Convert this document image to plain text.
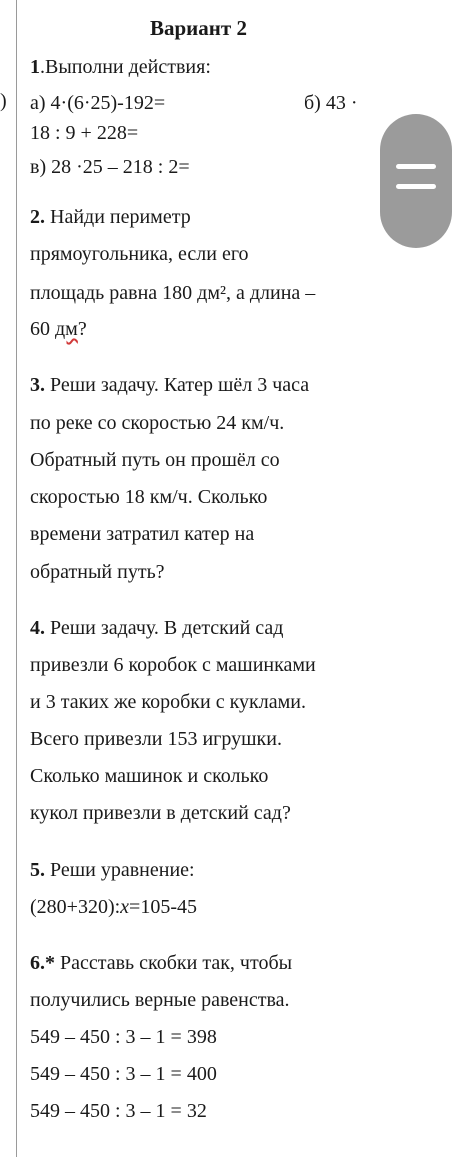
)
Вариант 2
1.Выполни действия:
а) 4·(6·25)-192=	б) 43 ·
18 : 9 + 228=
в) 28 ·25 – 218 : 2=
2. Найди периметр
прямоугольника, если его
площадь равна 180 дм², а длина –
60 дм?
3. Реши задачу. Катер шёл 3 часа
по реке со скоростью 24 км/ч.
Обратный путь он прошёл со
скоростью 18 км/ч. Сколько
времени затратил катер на
обратный путь?
4. Реши задачу. В детский сад
привезли 6 коробок с машинками
и 3 таких же коробки с куклами.
Всего привезли 153 игрушки.
Сколько машинок и сколько
кукол привезли в детский сад?
5. Реши уравнение:
(280+320):x=105-45
6.* Расставь скобки так, чтобы
получились верные равенства.
549 – 450 : 3 – 1 = 398
549 – 450 : 3 – 1 = 400
549 – 450 : 3 – 1 = 32
